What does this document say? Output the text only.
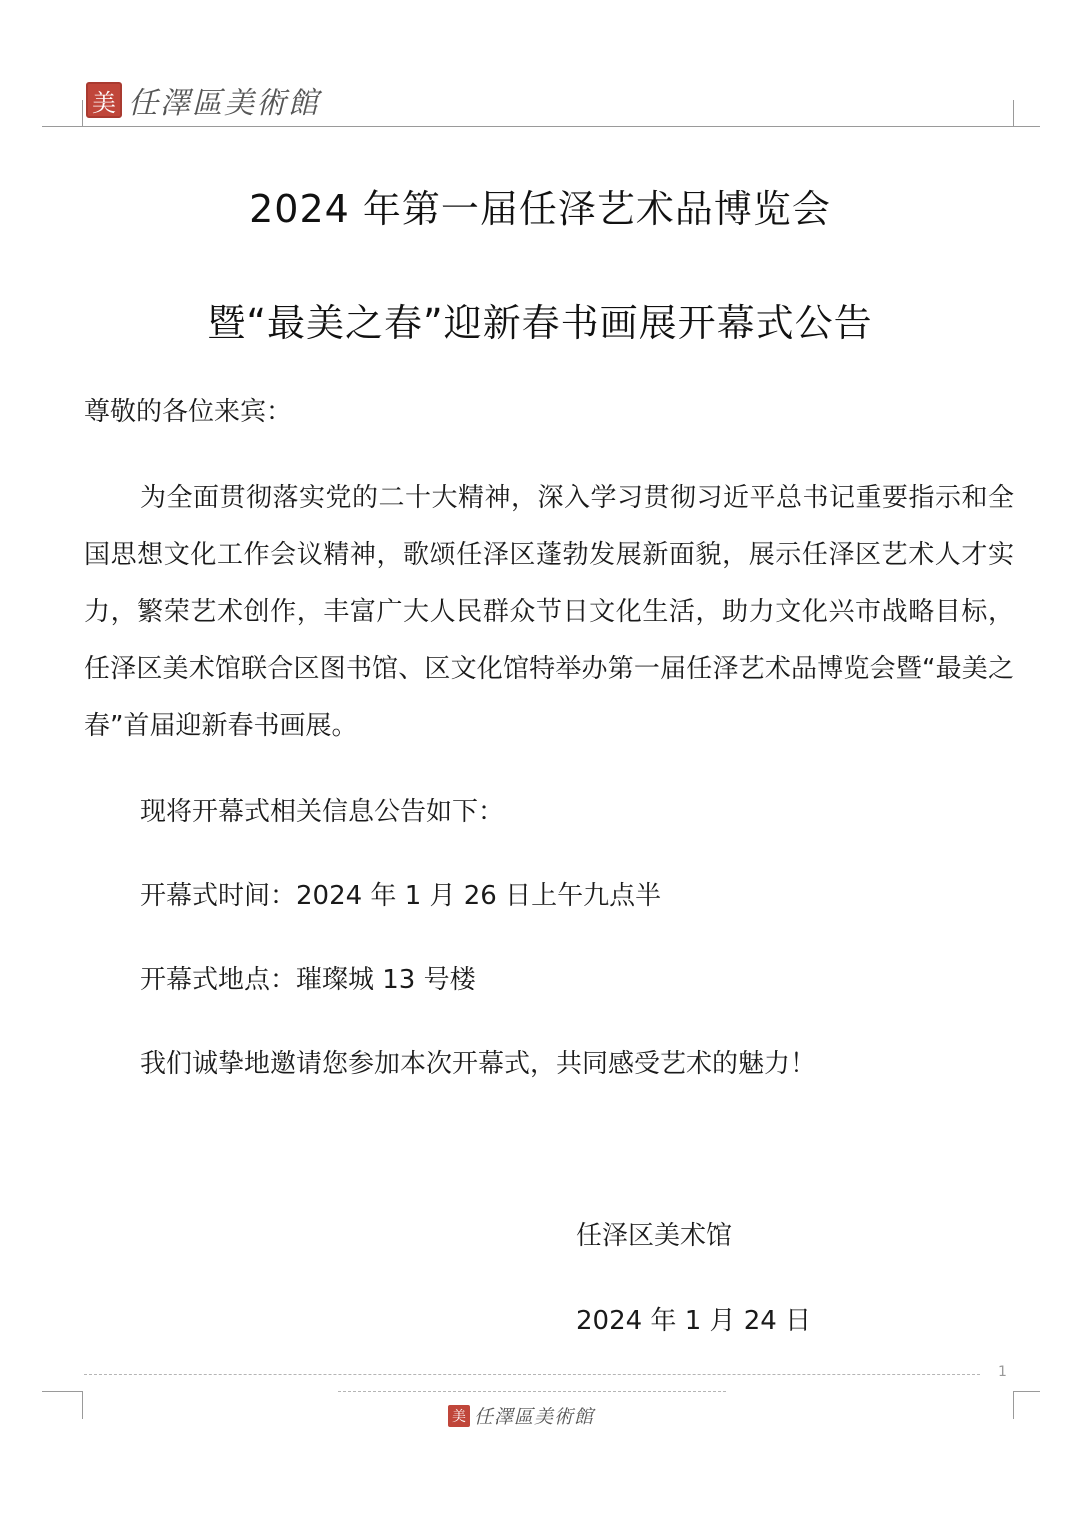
美 任澤區美術館
2024 年第一届任泽艺术品博览会
暨“最美之春”迎新春书画展开幕式公告
尊敬的各位来宾：
为全面贯彻落实党的二十大精神，深入学习贯彻习近平总书记重要指示和全国思想文化工作会议精神，歌颂任泽区蓬勃发展新面貌，展示任泽区艺术人才实力，繁荣艺术创作，丰富广大人民群众节日文化生活，助力文化兴市战略目标，任泽区美术馆联合区图书馆、区文化馆特举办第一届任泽艺术品博览会暨“最美之春”首届迎新春书画展。
现将开幕式相关信息公告如下：
开幕式时间：2024 年 1 月 26 日上午九点半
开幕式地点：璀璨城 13 号楼
我们诚挚地邀请您参加本次开幕式，共同感受艺术的魅力！
任泽区美术馆
2024 年 1 月 24 日
1
美 任澤區美術館
